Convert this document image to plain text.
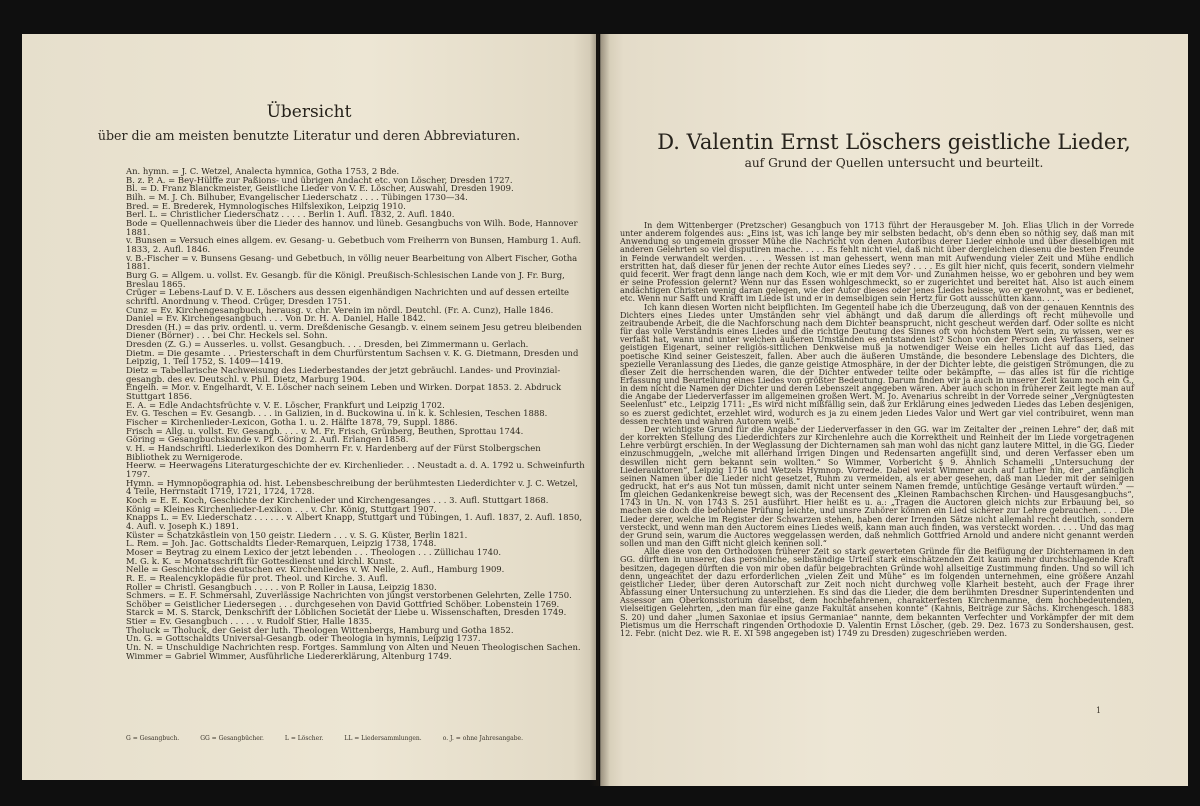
Übersicht
über die am meisten benutzte Literatur und deren Abbreviaturen.
An. hymn. = J. C. Wetzel, Analecta hymnica, Gotha 1753, 2 Bde.
B. z. P. A. = Bey-Hülffe zur Paßions- und übrigen Andacht etc. von Löscher, Dresden 1727.
Bl. = D. Franz Blanckmeister, Geistliche Lieder von V. E. Löscher, Auswahl, Dresden 1909.
Bilh. = M. J. Ch. Bilhuber, Evangelischer Liederschatz . . . . Tübingen 1730—34.
Bred. = E. Brederek, Hymnologisches Hilfslexikon, Leipzig 1910.
Berl. L. = Christlicher Liederschatz . . . . . Berlin 1. Aufl. 1832, 2. Aufl. 1840.
Bode = Quellennachweis über die Lieder des hannov. und lüneb. Gesangbuchs von Wilh. Bode, Hannover 1881.
v. Bunsen = Versuch eines allgem. ev. Gesang- u. Gebetbuch vom Freiherrn von Bunsen, Hamburg 1. Aufl. 1833, 2. Aufl. 1846.
v. B.-Fischer = v. Bunsens Gesang- und Gebetbuch, in völlig neuer Bearbeitung von Albert Fischer, Gotha 1881.
Burg G. = Allgem. u. vollst. Ev. Gesangb. für die Königl. Preußisch-Schlesischen Lande von J. Fr. Burg, Breslau 1865.
Crüger = Lebens-Lauf D. V. E. Löschers aus dessen eigenhändigen Nachrichten und auf dessen erteilte schriftl. Anordnung v. Theod. Crüger, Dresden 1751.
Cunz = Ev. Kirchengesangbuch, herausg. v. chr. Verein im nördl. Deutchl. (Fr. A. Cunz), Halle 1846.
Daniel = Ev. Kirchengesangbuch . . . Von Dr. H. A. Daniel, Halle 1842.
Dresden (H.) = das priv. ordentl. u. verm. Dreßdenische Gesangb. v. einem seinem Jesu getreu bleibenden Diener (Börner) . . . bei Chr. Heckels sel. Sohn.
Dresden (Z. G.) = Ausserles. u. vollst. Gesangbuch. . . . Dresden, bei Zimmermann u. Gerlach.
Dietm. = Die gesamte . . . Priesterschaft in dem Churfürstentum Sachsen v. K. G. Dietmann, Dresden und Leipzig, 1. Teil 1752, S. 1409—1419.
Dietz = Tabellarische Nachweisung des Liederbestandes der jetzt gebräuchl. Landes- und Provinzial-gesangb. des ev. Deutschl. v. Phil. Dietz, Marburg 1904.
Engelh. = Mor. v. Engelhardt, V. E. Löscher nach seinem Leben und Wirken. Dorpat 1853. 2. Abdruck Stuttgart 1856.
E. A. = Edle Andachtsfrüchte v. V. E. Löscher, Frankfurt und Leipzig 1702.
Ev. G. Teschen = Ev. Gesangb. . . . in Galizien, in d. Buckowina u. in k. k. Schlesien, Teschen 1888.
Fischer = Kirchenlieder-Lexicon, Gotha 1. u. 2. Hälfte 1878, 79, Suppl. 1886.
Frisch = Allg. u. vollst. Ev. Gesangb. . . . v. M. Fr. Frisch, Grünberg, Beuthen, Sprottau 1744.
Göring = Gesangbuchskunde v. Pf. Göring 2. Aufl. Erlangen 1858.
v. H. = Handschriftl. Liederlexikon des Domherrn Fr. v. Hardenberg auf der Fürst Stolbergschen Bibliothek zu Wernigerode.
Heerw. = Heerwagens Literaturgeschichte der ev. Kirchenlieder. . . Neustadt a. d. A. 1792 u. Schweinfurth 1797.
Hymn. = Hymnopöographia od. hist. Lebensbeschreibung der berühmtesten Liederdichter v. J. C. Wetzel, 4 Teile, Herrnstadt 1719, 1721, 1724, 1728.
Koch = E. E. Koch, Geschichte der Kirchenlieder und Kirchengesanges . . . 3. Aufl. Stuttgart 1868.
König = Kleines Kirchenlieder-Lexikon . . . v. Chr. König, Stuttgart 1907.
Knapps L. = Ev. Liederschatz . . . . . . v. Albert Knapp, Stuttgart und Tübingen, 1. Aufl. 1837, 2. Aufl. 1850, 4. Aufl. v. Joseph K.) 1891.
Küster = Schatzkästlein von 150 geistr. Liedern . . . v. S. G. Küster, Berlin 1821.
L. Rem. = Joh. Jac. Gottschaldts Lieder-Remarquen, Leipzig 1738, 1748.
Moser = Beytrag zu einem Lexico der jetzt lebenden . . . Theologen . . . Züllichau 1740.
M. G. k. K. = Monatsschrift für Gottesdienst und kirchl. Kunst.
Nelle = Geschichte des deutschen ev. Kirchenliedes v. W. Nelle, 2. Aufl., Hamburg 1909.
R. E. = Realencyklopädie für prot. Theol. und Kirche. 3. Aufl.
Roller = Christl. Gesangbuch . . . . . von P. Roller in Lausa, Leipzig 1830.
Schmers. = E. F. Schmersahl, Zuverlässige Nachrichten von jüngst verstorbenen Gelehrten, Zelle 1750.
Schöber = Geistlicher Liedersegen . . . durchgesehen von David Gottfried Schöber. Lobenstein 1769.
Starck = M. S. Starck, Denkschrift der Löblichen Societät der Liebe u. Wissenschaften, Dresden 1749.
Stier = Ev. Gesangbuch . . . . . v. Rudolf Stier, Halle 1835.
Tholuck = Tholuck, der Geist der luth. Theologen Wittenbergs, Hamburg und Gotha 1852.
Un. G. = Gottschaldts Universal-Gesangb. oder Theologia in hymnis, Leipzig 1737.
Un. N. = Unschuldige Nachrichten resp. Fortges. Sammlung von Alten und Neuen Theologischen Sachen.
Wimmer = Gabriel Wimmer, Ausführliche Liedererklärung, Altenburg 1749.
G = Gesangbuch.	GG = Gesangbücher.	L = Löscher.	LL = Liedersammlungen.	o. J. = ohne Jahresangabe.
D. Valentin Ernst Löschers geistliche Lieder,
auf Grund der Quellen untersucht und beurteilt.

In dem Wittenberger (Pretzscher) Gesangbuch von 1713 führt der Herausgeber M. Joh. Elias Ulich in der Vorrede unter anderem folgendes aus: „Eins ist, was ich lange bey mir selbsten bedacht, ob's denn eben so nöthig sey, daß man mit Anwendung so ungemein grosser Mühe die Nachricht von denen Autoribus derer Lieder einhole und über dieselbigen mit anderen Gelehrten so viel disputiren mache. . . . . Es fehlt nicht viel, daß nicht über dergleichen diesenu die besten Freunde in Feinde verwandelt werden. . . . . Wessen ist man gehessert, wenn man mit Aufwendung vieler Zeit und Mühe endlich erstritten hat, daß dieser für jenen der rechte Autor eines Liedes sey? . . . . Es gilt hier nicht, quis fecerit, sondern vielmehr quid fecerit. Wer fragt denn lange nach dem Koch, wie er mit dem Vor- und Zunahmen heisse, wo er gebohren und bey wem er seine Profession gelernt? Wenn nur das Essen wohlgeschmeckt, so er zugerichtet und bereitet hat. Also ist auch einem andächtigen Christen wenig daran gelegen, wie der Autor dieses oder jenes Liedes heisse, wo er gewohnt, was er bedienet, etc. Wenn nur Safft und Krafft im Liede ist und er in demselbigen sein Hertz für Gott ausschütten kann. . . .“

Ich kann diesen Worten nicht beipflichten. Im Gegenteil habe ich die Überzeugung, daß von der genauen Kenntnis des Dichters eines Liedes unter Umständen sehr viel abhängt und daß darum die allerdings oft recht mühevolle und zeitraubende Arbeit, die die Nachforschung nach dem Dichter beansprucht, nicht gescheut werden darf. Oder sollte es nicht für das volle Verständnis eines Liedes und die richtige Deutung des Sinnes oft von höchstem Wert sein, zu wissen, wer es verfaßt hat, wann und unter welchen äußeren Umständen es entstanden ist? Schon von der Person des Verfassers, seiner geistigen Eigenart, seiner religiös-sittlichen Denkweise muß ja notwendiger Weise ein helles Licht auf das Lied, das poetische Kind seiner Geisteszeit, fallen. Aber auch die äußeren Umstände, die besondere Lebenslage des Dichters, die spezielle Veranlassung des Liedes, die ganze geistige Atmosphäre, in der der Dichter lebte, die geistigen Strömungen, die zu dieser Zeit die herrschenden waren, die der Dichter entweder teilte oder bekämpfte, — das alles ist für die richtige Erfassung und Beurteilung eines Liedes von größter Bedeutung. Darum finden wir ja auch in unserer Zeit kaum noch ein G., in dem nicht die Namen der Dichter und deren Lebenszeit angegeben wären. Aber auch schon in früherer Zeit legte man auf die Angabe der Liederverfasser im allgemeinen großen Wert. M. Jo. Avenarius schreibt in der Vorrede seiner „Vergnügtesten Seelenlust“ etc., Leipzig 1711: „Es wird nicht mißfällig sein, daß zur Erklärung eines jedweden Liedes das Leben desjenigen, so es zuerst gedichtet, erzehlet wird, wodurch es ja zu einem jeden Liedes Valor und Wert gar viel contribuiret, wenn man dessen rechten und wahren Autorem weiß.“

Der wichtigste Grund für die Angabe der Liederverfasser in den GG. war im Zeitalter der „reinen Lehre“ der, daß mit der korrekten Stellung des Liederdichters zur Kirchenlehre auch die Korrektheit und Reinheit der im Liede vorgetragenen Lehre verbürgt erschien. In der Weglassung der Dichternamen sah man wohl das nicht ganz lautere Mittel, in die GG. Lieder einzuschmuggeln, „welche mit allerhand irrigen Dingen und Redensarten angefüllt sind, und deren Verfasser eben um deswillen nicht gern bekannt sein wollten.“ So Wimmer, Vorbericht § 9. Ähnlich Schamelii „Untersuchung der Liederauktoren“, Leipzig 1716 und Wetzels Hymnop. Vorrede. Dabei weist Wimmer auch auf Luther hin, der „anfänglich seinen Namen über die Lieder nicht gesetzet, Ruhm zu vermeiden, als er aber gesehen, daß man Lieder mit der seinigen gedruckt, hat er's aus Not tun müssen, damit nicht unter seinem Namen fremde, untüchtige Gesänge vertauft würden.“ — Im gleichen Gedankenkreise bewegt sich, was der Recensent des „Kleinen Rambachschen Kirchen- und Hausgesangbuchs“, 1743 in Un. N. von 1743 S. 251 ausführt. Hier heißt es u. a.: „Tragen die Auctoren gleich nichts zur Erbauung bei, so machen sie doch die befohlene Prüfung leichte, und unsre Zuhörer können ein Lied sicherer zur Lehre gebrauchen. . . . Die Lieder derer, welche im Register der Schwarzen stehen, haben derer Irrenden Sätze nicht allemahl recht deutlich, sondern versteckt, und wenn man den Auctorem eines Liedes weiß, kann man auch finden, was versteckt worden. . . . . Und das mag der Grund sein, warum die Auctores weggelassen werden, daß nehmlich Gottfried Arnold und andere nicht genannt werden sollen und man den Gifft nicht gleich kennen soll.“

Alle diese von den Orthodoxen früherer Zeit so stark gewerteten Gründe für die Beifügung der Dichternamen in den GG. dürften in unserer, das persönliche, selbständige Urteil stark einschätzenden Zeit kaum mehr durchschlagende Kraft besitzen, dagegen dürften die von mir oben dafür beigebrachten Gründe wohl allseitige Zustimmung finden. Und so will ich denn, ungeachtet der dazu erforderlichen „vielen Zeit und Mühe“ es im folgenden unternehmen, eine größere Anzahl geistlicher Lieder, über deren Autorschaft zur Zeit noch nicht durchweg volle Klarheit besteht, auch der Frage ihrer Abfassung einer Untersuchung zu unterziehen. Es sind das die Lieder, die dem berühmten Dresdner Superintendenten und Assessor am Oberkonsistorium daselbst, dem hochbefahrenen, charakterfesten Kirchenmanne, dem hochbedeutenden, vielseitigen Gelehrten, „den man für eine ganze Fakultät ansehen konnte“ (Kahnis, Beiträge zur Sächs. Kirchengesch. 1883 S. 20) und daher „lumen Saxoniae et ipsius Germaniae“ nannte, dem bekannten Verfechter und Vorkämpfer der mit dem Pietismus um die Herrschaft ringenden Orthodoxie D. Valentin Ernst Löscher, (geb. 29. Dez. 1673 zu Sondershausen, gest. 12. Febr. (nicht Dez. wie R. E. XI 598 angegeben ist) 1749 zu Dresden) zugeschrieben werden.

1
